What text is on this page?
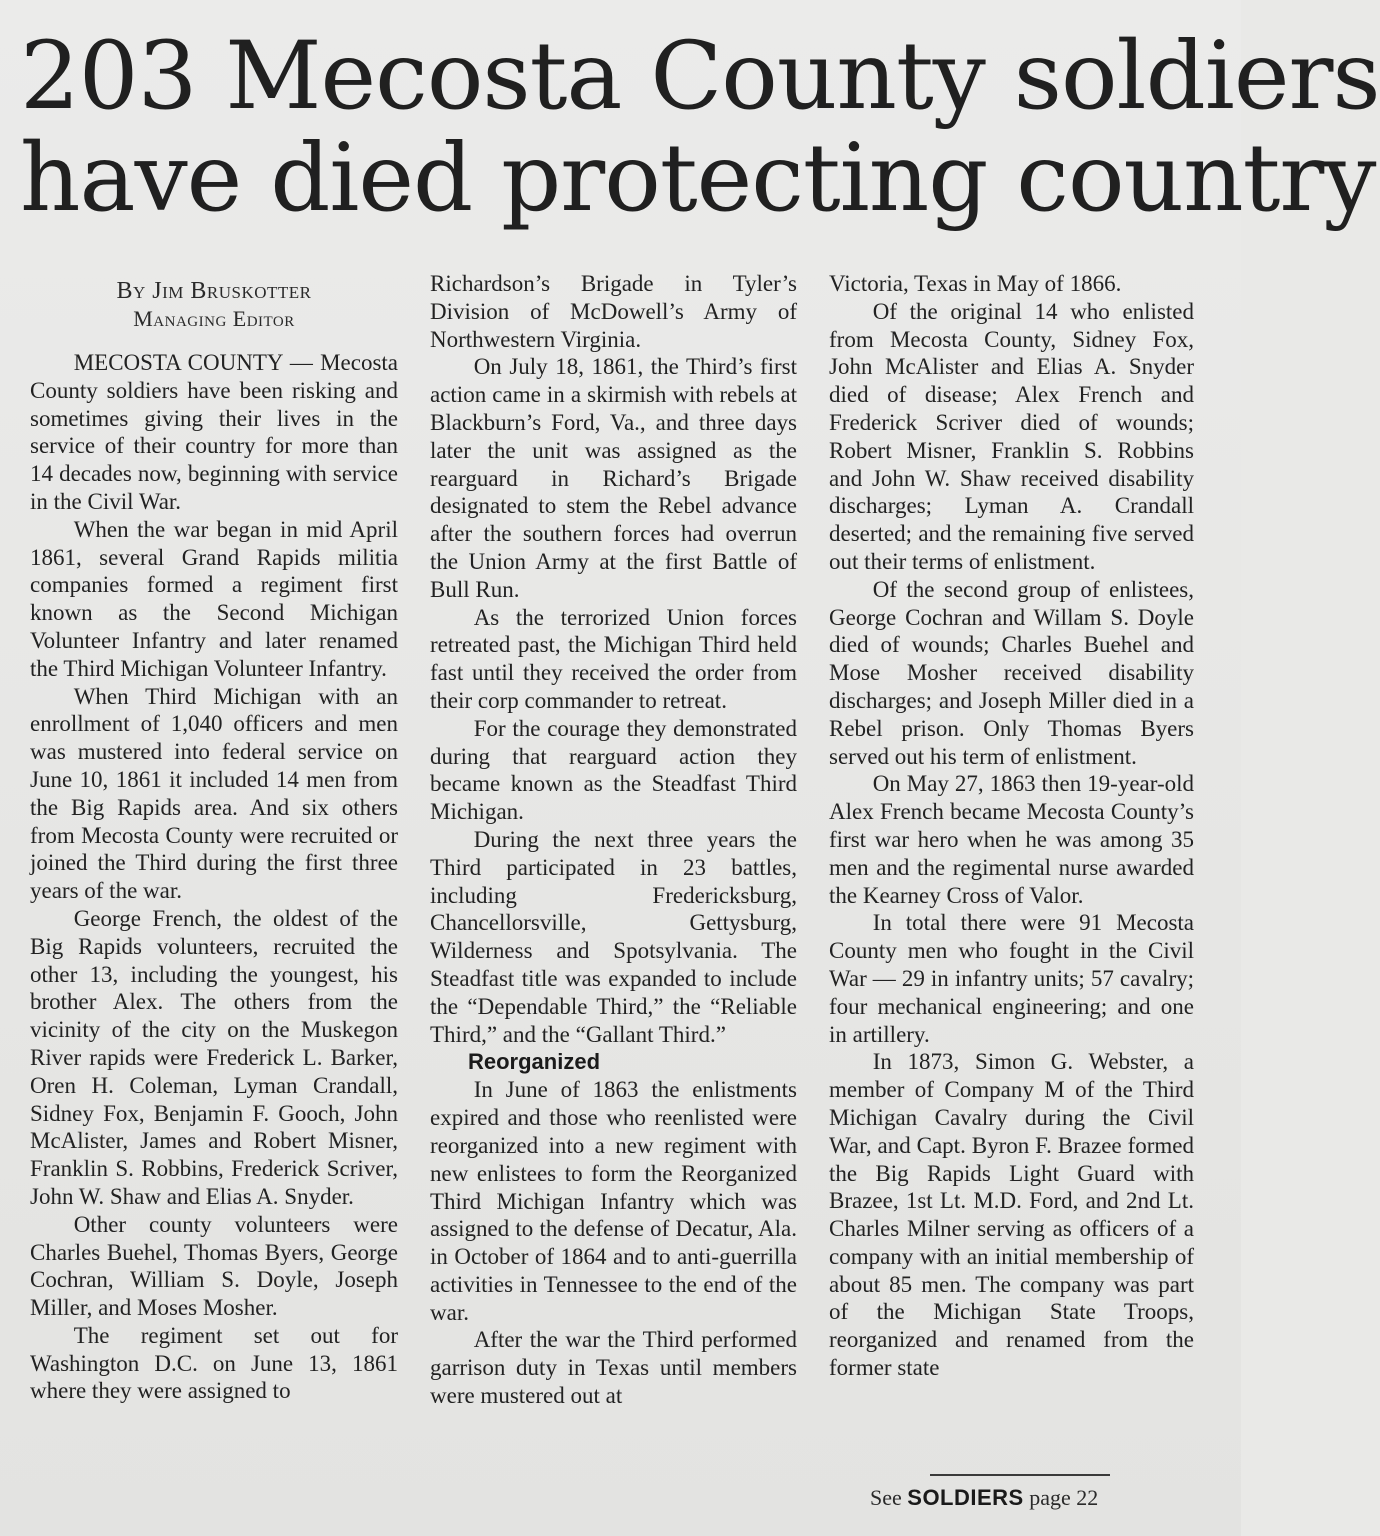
203 Mecosta County soldiers
have died protecting country
By Jim Bruskotter
Managing Editor

MECOSTA COUNTY — Mecosta County soldiers have been risking and sometimes giving their lives in the service of their country for more than 14 decades now, beginning with service in the Civil War.

When the war began in mid April 1861, several Grand Rapids militia companies formed a regiment first known as the Second Michigan Volunteer Infantry and later renamed the Third Michigan Volunteer Infantry.

When Third Michigan with an enrollment of 1,040 officers and men was mustered into federal service on June 10, 1861 it included 14 men from the Big Rapids area. And six others from Mecosta County were recruited or joined the Third during the first three years of the war.

George French, the oldest of the Big Rapids volunteers, recruited the other 13, including the youngest, his brother Alex. The others from the vicinity of the city on the Muskegon River rapids were Frederick L. Barker, Oren H. Coleman, Lyman Crandall, Sidney Fox, Benjamin F. Gooch, John McAlister, James and Robert Misner, Franklin S. Robbins, Frederick Scriver, John W. Shaw and Elias A. Snyder.

Other county volunteers were Charles Buehel, Thomas Byers, George Cochran, William S. Doyle, Joseph Miller, and Moses Mosher.

The regiment set out for Washington D.C. on June 13, 1861 where they were assigned to

Richardson’s Brigade in Tyler’s Division of McDowell’s Army of Northwestern Virginia.

On July 18, 1861, the Third’s first action came in a skirmish with rebels at Blackburn’s Ford, Va., and three days later the unit was assigned as the rearguard in Richard’s Brigade designated to stem the Rebel advance after the southern forces had overrun the Union Army at the first Battle of Bull Run.

As the terrorized Union forces retreated past, the Michigan Third held fast until they received the order from their corp commander to retreat.

For the courage they demonstrated during that rearguard action they became known as the Steadfast Third Michigan.

During the next three years the Third participated in 23 battles, including Fredericksburg, Chancellorsville, Gettysburg, Wilderness and Spotsylvania. The Steadfast title was expanded to include the “Dependable Third,” the “Reliable Third,” and the “Gallant Third.”

Reorganized

In June of 1863 the enlistments expired and those who reenlisted were reorganized into a new regiment with new enlistees to form the Reorganized Third Michigan Infantry which was assigned to the defense of Decatur, Ala. in October of 1864 and to anti-guerrilla activities in Tennessee to the end of the war.

After the war the Third performed garrison duty in Texas until members were mustered out at

Victoria, Texas in May of 1866.

Of the original 14 who enlisted from Mecosta County, Sidney Fox, John McAlister and Elias A. Snyder died of disease; Alex French and Frederick Scriver died of wounds; Robert Misner, Franklin S. Robbins and John W. Shaw received disability discharges; Lyman A. Crandall deserted; and the remaining five served out their terms of enlistment.

Of the second group of enlistees, George Cochran and Willam S. Doyle died of wounds; Charles Buehel and Mose Mosher received disability discharges; and Joseph Miller died in a Rebel prison. Only Thomas Byers served out his term of enlistment.

On May 27, 1863 then 19-year-old Alex French became Mecosta County’s first war hero when he was among 35 men and the regimental nurse awarded the Kearney Cross of Valor.

In total there were 91 Mecosta County men who fought in the Civil War — 29 in infantry units; 57 cavalry; four mechanical engineering; and one in artillery.

In 1873, Simon G. Webster, a member of Company M of the Third Michigan Cavalry during the Civil War, and Capt. Byron F. Brazee formed the Big Rapids Light Guard with Brazee, 1st Lt. M.D. Ford, and 2nd Lt. Charles Milner serving as officers of a company with an initial membership of about 85 men. The company was part of the Michigan State Troops, reorganized and renamed from the former state

See SOLDIERS page 22
